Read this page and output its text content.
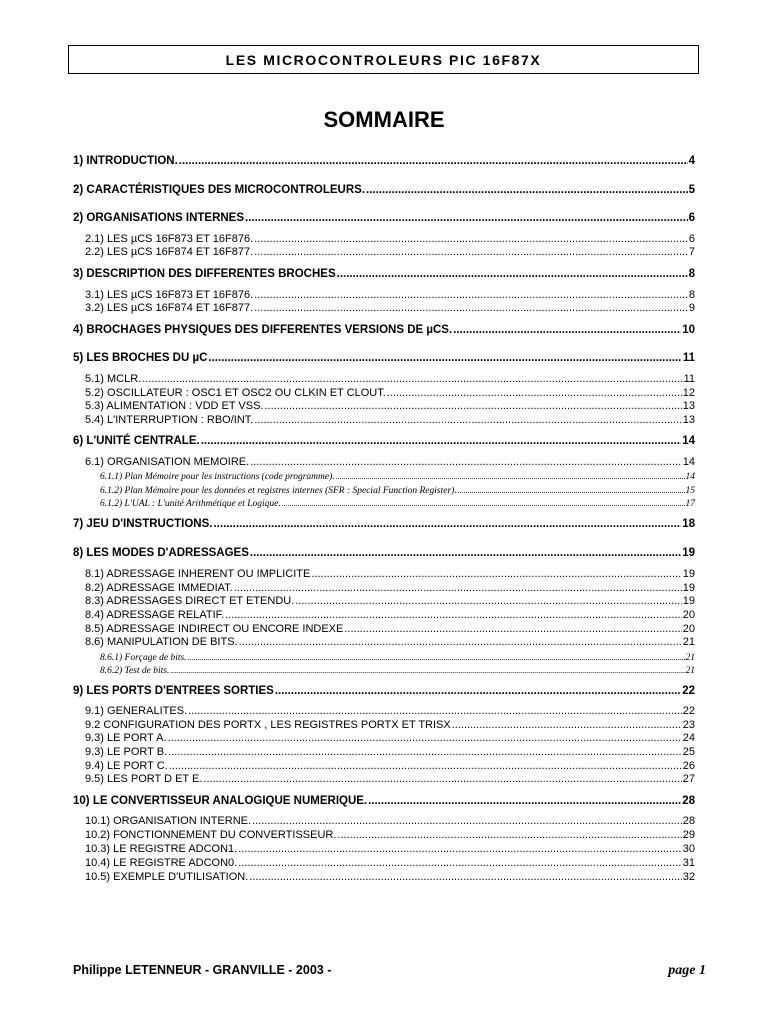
LES MICROCONTROLEURS PIC 16F87X
SOMMAIRE
1) INTRODUCTION. .....	4
2) CARACTÉRISTIQUES DES MICROCONTROLEURS. .....	5
2) ORGANISATIONS INTERNES .....	6
2.1) LES µCS 16F873 ET 16F876. .....	6
2.2) LES µCS 16F874 ET 16F877. .....	7
3) DESCRIPTION DES DIFFERENTES BROCHES .....	8
3.1) LES µCS 16F873 ET 16F876. .....	8
3.2) LES µCS 16F874 ET 16F877. .....	9
4) BROCHAGES PHYSIQUES DES DIFFERENTES VERSIONS DE µCS. .....	10
5) LES BROCHES DU µC .....	11
5.1) MCLR. .....	11
5.2) OSCILLATEUR : OSC1 ET OSC2 OU CLKIN ET CLOUT. .....	12
5.3) ALIMENTATION : VDD ET VSS. .....	13
5.4) L'INTERRUPTION : RBO/INT. .....	13
6) L'UNITÉ CENTRALE. .....	14
6.1) ORGANISATION MEMOIRE. .....	14
6.1.1) Plan Mémoire pour les instructions (code programme). .....	14
6.1.2) Plan Mémoire pour les données et registres internes (SFR : Special Function Register). .....	15
6.1.2) L'UAL : L'unité Arithmétique et Logique. .....	17
7) JEU D'INSTRUCTIONS. .....	18
8) LES MODES D'ADRESSAGES .....	19
8.1) ADRESSAGE INHERENT OU IMPLICITE .....	19
8.2) ADRESSAGE IMMEDIAT. .....	19
8.3) ADRESSAGES DIRECT ET ETENDU. .....	19
8.4) ADRESSAGE RELATIF. .....	20
8.5) ADRESSAGE INDIRECT OU ENCORE INDEXE .....	20
8.6) MANIPULATION DE BITS. .....	21
8.6.1) Forçage de bits. .....	21
8.6.2) Test de bits. .....	21
9) LES PORTS D'ENTREES SORTIES .....	22
9.1) GENERALITES. .....	22
9.2 CONFIGURATION DES PORTX , LES REGISTRES PORTX ET TRISX .....	23
9.3) LE PORT A. .....	24
9.3) LE PORT B. .....	25
9.4) LE PORT C. .....	26
9.5) LES PORT D ET E. .....	27
10) LE CONVERTISSEUR ANALOGIQUE NUMERIQUE. .....	28
10.1) ORGANISATION INTERNE. .....	28
10.2) FONCTIONNEMENT DU CONVERTISSEUR. .....	29
10.3) LE REGISTRE ADCON1. .....	30
10.4) LE REGISTRE ADCON0. .....	31
10.5) EXEMPLE D'UTILISATION. .....	32
Philippe LETENNEUR - GRANVILLE - 2003 -	page 1
